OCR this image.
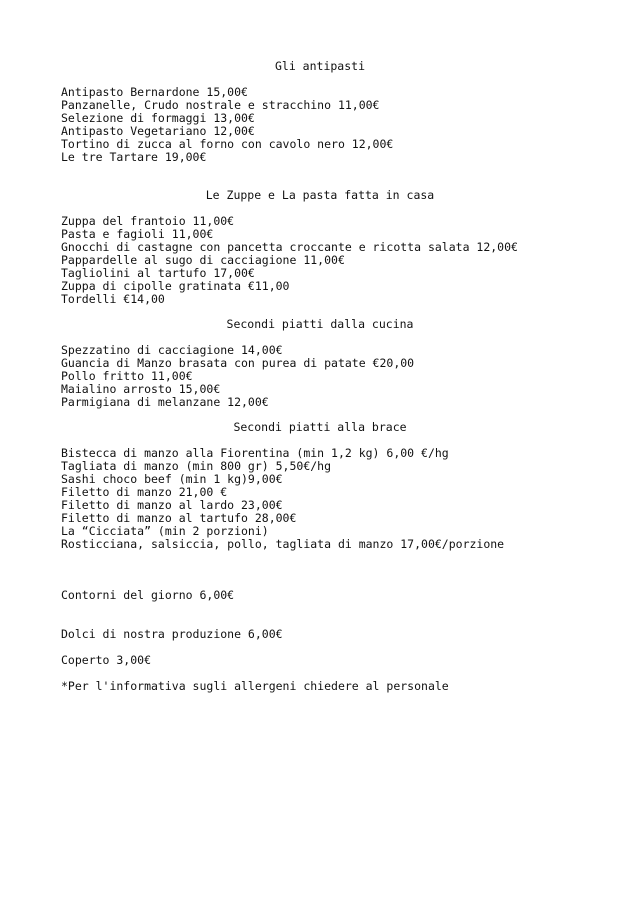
Gli antipasti
Antipasto Bernardone 15,00€
Panzanelle, Crudo nostrale e stracchino 11,00€
Selezione di formaggi 13,00€
Antipasto Vegetariano 12,00€
Tortino di zucca al forno con cavolo nero 12,00€
Le tre Tartare 19,00€
Le Zuppe e La pasta fatta in casa
Zuppa del frantoio 11,00€
Pasta e fagioli 11,00€
Gnocchi di castagne con pancetta croccante e ricotta salata 12,00€
Pappardelle al sugo di cacciagione 11,00€
Tagliolini al tartufo 17,00€
Zuppa di cipolle gratinata €11,00
Tordelli €14,00
Secondi piatti dalla cucina
Spezzatino di cacciagione 14,00€
Guancia di Manzo brasata con purea di patate €20,00
Pollo fritto 11,00€
Maialino arrosto 15,00€
Parmigiana di melanzane 12,00€
Secondi piatti alla brace
Bistecca di manzo alla Fiorentina (min 1,2 kg) 6,00 €/hg
Tagliata di manzo (min 800 gr) 5,50€/hg
Sashi choco beef (min 1 kg)9,00€
Filetto di manzo 21,00 €
Filetto di manzo al lardo 23,00€
Filetto di manzo al tartufo 28,00€
La “Cicciata” (min 2 porzioni)
Rosticciana, salsiccia, pollo, tagliata di manzo 17,00€/porzione
Contorni del giorno 6,00€
Dolci di nostra produzione 6,00€
Coperto 3,00€
*Per l'informativa sugli allergeni chiedere al personale
